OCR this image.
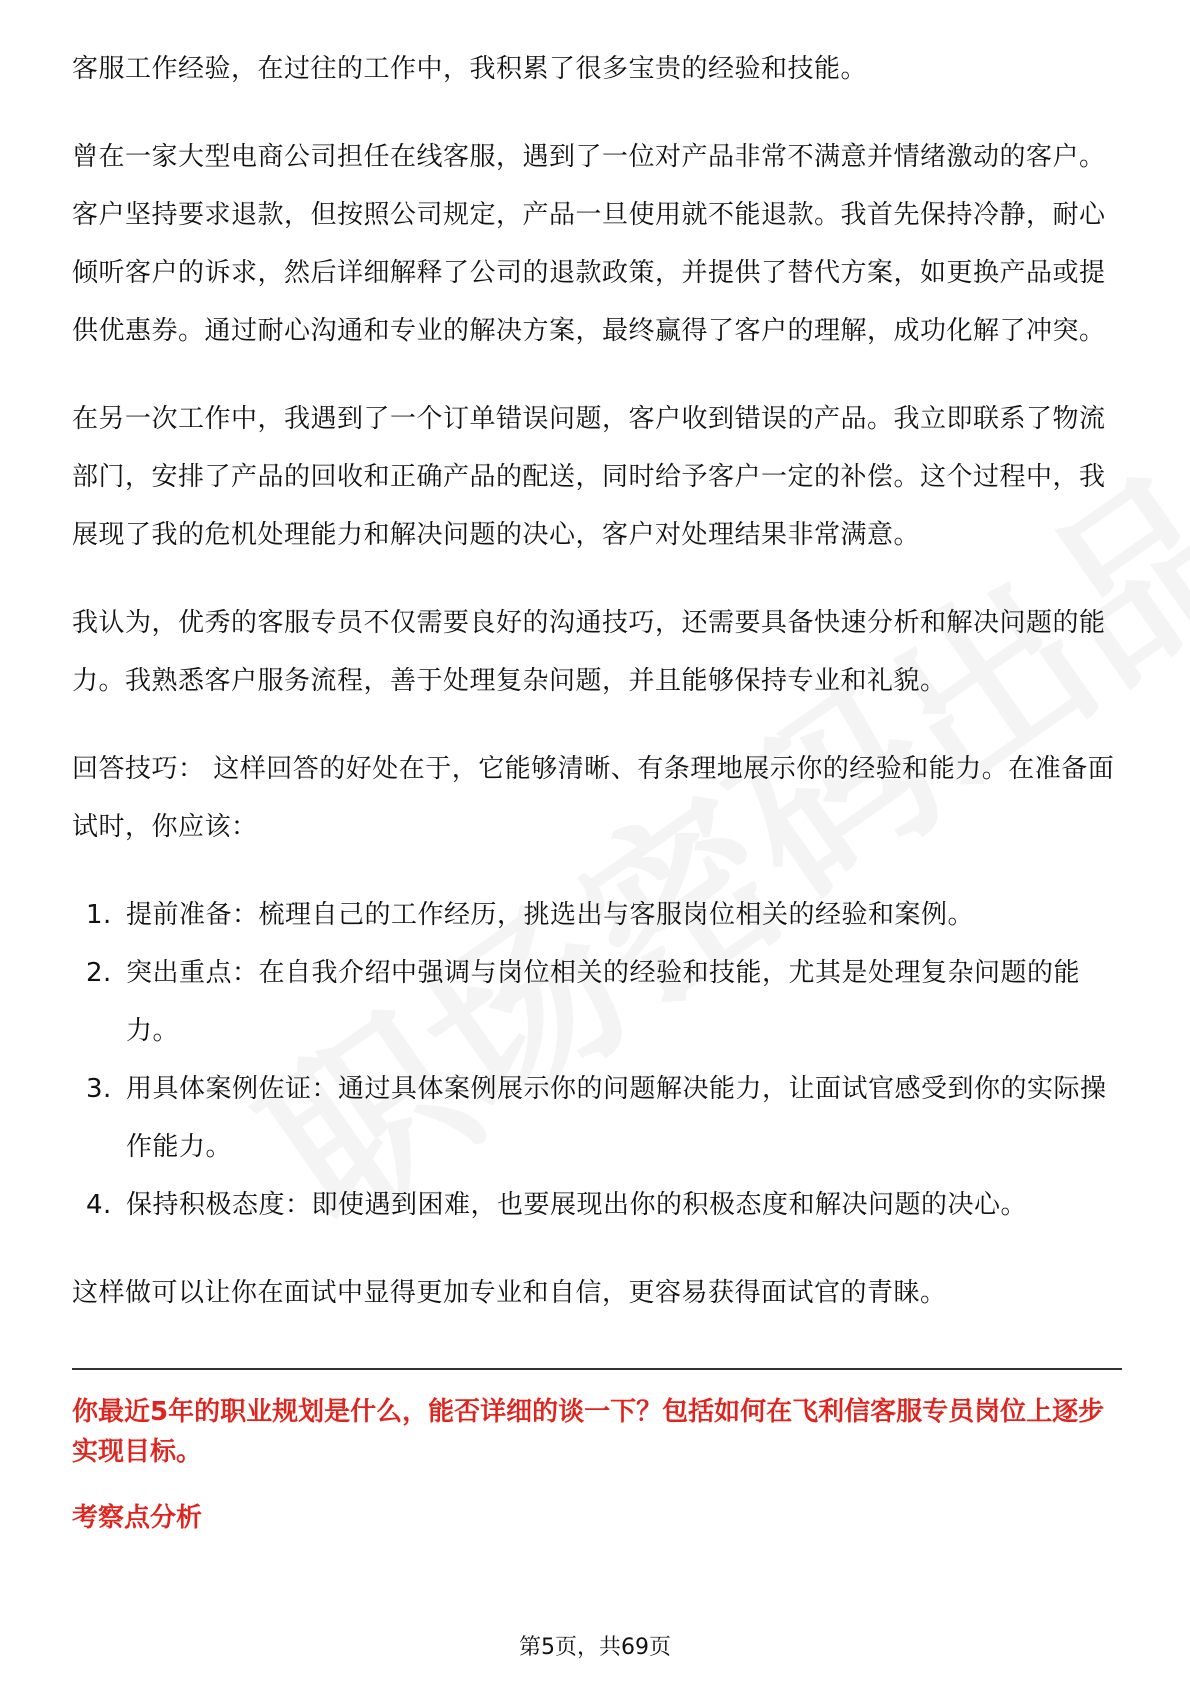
客服工作经验，在过往的工作中，我积累了很多宝贵的经验和技能。

曾在一家大型电商公司担任在线客服，遇到了一位对产品非常不满意并情绪激动的客户。客户坚持要求退款，但按照公司规定，产品一旦使用就不能退款。我首先保持冷静，耐心倾听客户的诉求，然后详细解释了公司的退款政策，并提供了替代方案，如更换产品或提供优惠券。通过耐心沟通和专业的解决方案，最终赢得了客户的理解，成功化解了冲突。

在另一次工作中，我遇到了一个订单错误问题，客户收到错误的产品。我立即联系了物流部门，安排了产品的回收和正确产品的配送，同时给予客户一定的补偿。这个过程中，我展现了我的危机处理能力和解决问题的决心，客户对处理结果非常满意。

我认为，优秀的客服专员不仅需要良好的沟通技巧，还需要具备快速分析和解决问题的能力。我熟悉客户服务流程，善于处理复杂问题，并且能够保持专业和礼貌。

回答技巧： 这样回答的好处在于，它能够清晰、有条理地展示你的经验和能力。在准备面试时，你应该：

1. 提前准备：梳理自己的工作经历，挑选出与客服岗位相关的经验和案例。
2. 突出重点：在自我介绍中强调与岗位相关的经验和技能，尤其是处理复杂问题的能力。
3. 用具体案例佐证：通过具体案例展示你的问题解决能力，让面试官感受到你的实际操作能力。
4. 保持积极态度：即使遇到困难，也要展现出你的积极态度和解决问题的决心。

这样做可以让你在面试中显得更加专业和自信，更容易获得面试官的青睐。

你最近5年的职业规划是什么，能否详细的谈一下？包括如何在飞利信客服专员岗位上逐步实现目标。

考察点分析

第5页，共69页
